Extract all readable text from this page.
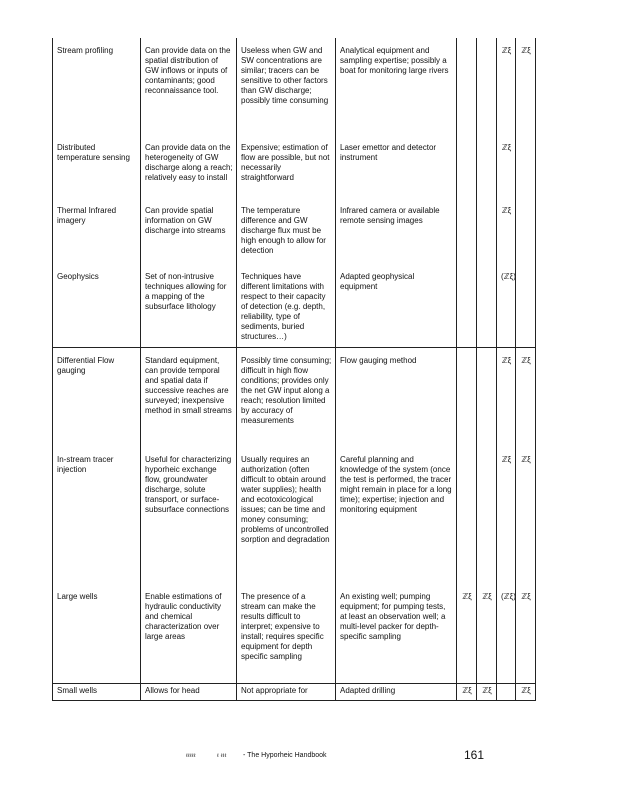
Stream profiling	Can provide data on the spatial distribution of GW inflows or inputs of contaminants; good reconnaissance tool.	Useless when GW and SW concentrations are similar; tracers can be sensitive to other factors than GW discharge; possibly time consuming	Analytical equipment and sampling expertise; possibly a boat for monitoring large rivers			ℤξ	ℤξ
Distributed temperature sensing	Can provide data on the heterogeneity of GW discharge along a reach; relatively easy to install	Expensive; estimation of flow are possible, but not necessarily straightforward	Laser emettor and detector instrument			ℤξ	
Thermal Infrared imagery	Can provide spatial information on GW discharge into streams	The temperature difference and GW discharge flux must be high enough to allow for detection	Infrared camera or available remote sensing images			ℤξ	
Geophysics	Set of non-intrusive techniques allowing for a mapping of the subsurface lithology	Techniques have different limitations with respect to their capacity of detection (e.g. depth, reliability, type of sediments, buried structures…)	Adapted geophysical equipment			(ℤξ)	
Differential Flow gauging	Standard equipment, can provide temporal and spatial data if successive reaches are surveyed; inexpensive method in small streams	Possibly time consuming; difficult in high flow conditions; provides only the net GW input along a reach; resolution limited by accuracy of measurements	Flow gauging method			ℤξ	ℤξ
In-stream tracer injection	Useful for characterizing hyporheic exchange flow, groundwater discharge, solute transport, or surface-subsurface connections	Usually requires an authorization (often difficult to obtain around water supplies); health and ecotoxicological issues; can be time and money consuming; problems of uncontrolled sorption and degradation	Careful planning and knowledge of the system (once the test is performed, the tracer might remain in place for a long time); expertise; injection and monitoring equipment			ℤξ	ℤξ
Large wells	Enable estimations of hydraulic conductivity and chemical characterization over large areas	The presence of a stream can make the results difficult to interpret; expensive to install; requires specific equipment for depth specific sampling	An existing well; pumping equipment; for pumping tests, at least an observation well; a multi-level packer for depth-specific sampling	ℤξ	ℤξ	(ℤξ)	ℤξ
Small wells	Allows for head	Not appropriate for	Adapted drilling	ℤξ	ℤξ		ℤξ
ℓℓℓℓℓ	ℓ ℓℓℓ - The Hyporheic Handbook	161
